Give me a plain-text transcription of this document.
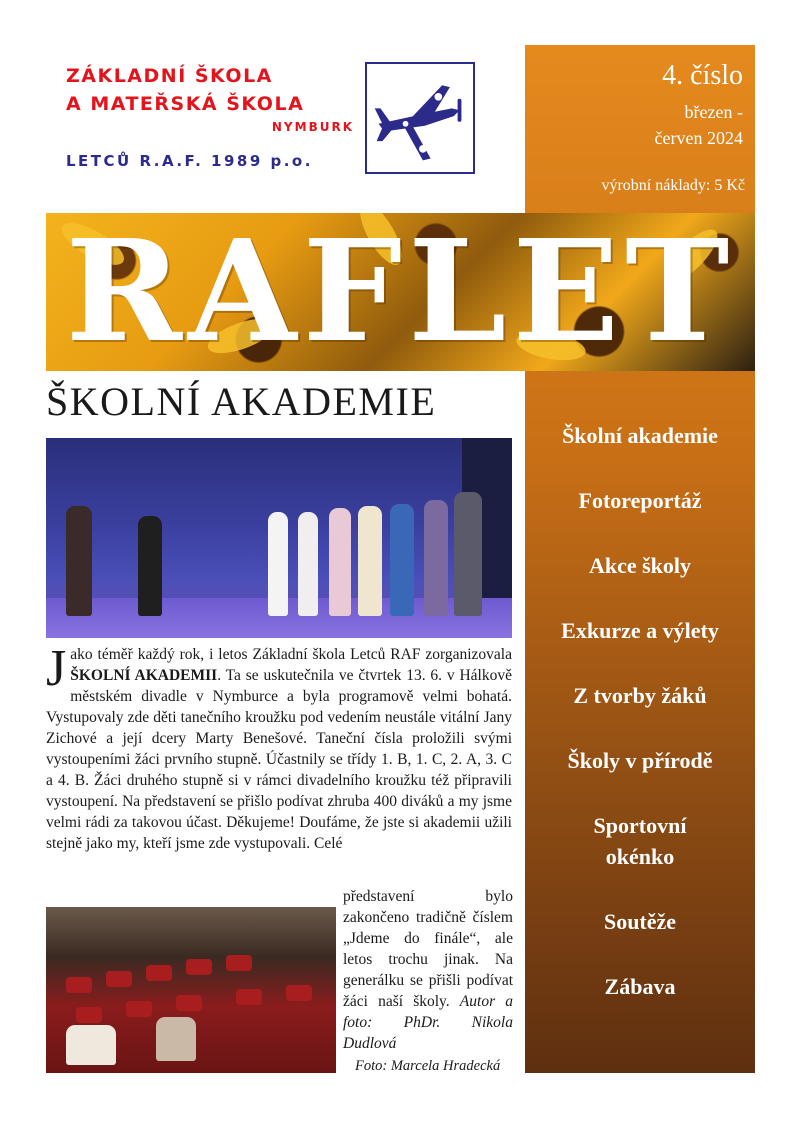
ZÁKLADNÍ ŠKOLA
A MATEŘSKÁ ŠKOLA
NYMBURK
LETCŮ R.A.F. 1989 p.o.
4. číslo
březen -
červen 2024
výrobní náklady: 5 Kč
RAFLET
ŠKOLNÍ AKADEMIE
Jako téměř každý rok, i letos Základní škola Letců RAF zorganizovala ŠKOLNÍ AKADEMII. Ta se uskutečnila ve čtvrtek 13. 6. v Hálkově městském divadle v Nymburce a byla programově velmi bohatá. Vystupovaly zde děti tanečního kroužku pod vedením neustále vitální Jany Zichové a její dcery Marty Benešové. Taneční čísla proložili svými vystoupeními žáci prvního stupně. Účastnily se třídy 1. B, 1. C, 2. A, 3. C a 4. B. Žáci druhého stupně si v rámci divadelního kroužku též připravili vystoupení. Na představení se přišlo podívat zhruba 400 diváků a my jsme velmi rádi za takovou účast. Děkujeme! Doufáme, že jste si akademii užili stejně jako my, kteří jsme zde vystupovali. Celé
představení bylo zakončeno tradičně číslem „Jdeme do finále“, ale letos trochu jinak. Na generálku se přišli podívat žáci naší školy. Autor a foto: PhDr. Nikola Dudlová
Foto: Marcela Hradecká
Školní akademie
Fotoreportáž
Akce školy
Exkurze a výlety
Z tvorby žáků
Školy v přírodě
Sportovní okénko
Soutěže
Zábava
